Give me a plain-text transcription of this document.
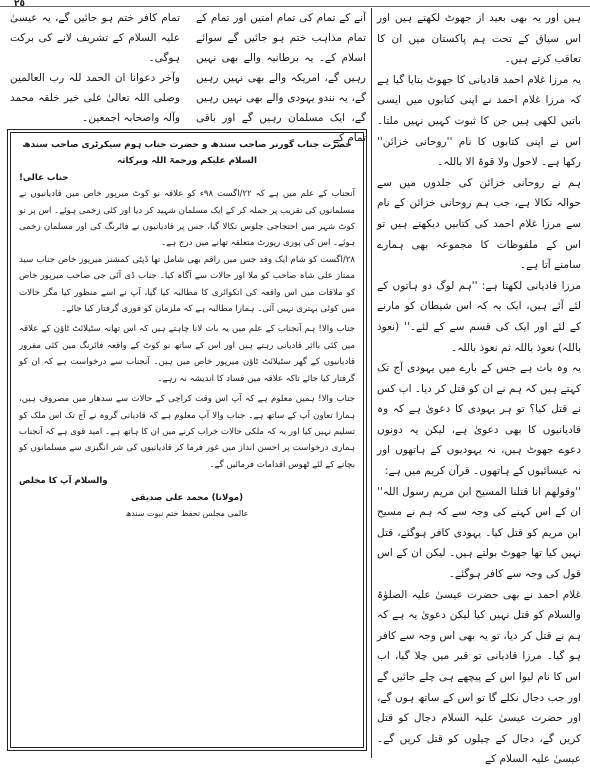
٢٥

ہیں اور یہ بھی بعید از جھوٹ لکھتے ہیں اور اس سیاق کے تحت ہم پاکستان میں ان کا تعاقب کرتے ہیں۔

یہ مرزا غلام احمد قادیانی کا جھوٹ بتایا گیا ہے کہ مرزا غلام احمد نے اپنی کتابوں میں ایسی باتیں لکھی ہیں جن کا ثبوت کہیں نہیں ملتا۔ اس نے اپنی کتابوں کا نام ''روحانی خزائن'' رکھا ہے۔ لاحول ولا قوۃ الا باللہ۔

ہم نے روحانی خزائن کی جلدوں میں سے حوالہ نکالا ہے، جب ہم روحانی خزائن کے نام سے مرزا غلام احمد کی کتابیں دیکھتے ہیں تو اس کے ملفوظات کا مجموعہ بھی ہمارے سامنے آتا ہے۔

مرزا قادیانی لکھتا ہے: ''ہم لوگ دو ہاتوں کے لئے آئے ہیں، ایک یہ کہ اس شیطان کو مارنے کے لئے اور ایک کی قسم سے کے لئے۔'' (نعوذ باللہ) نعوذ باللہ ثم نعوذ باللہ۔

یہ وہ بات ہے جس کے بارے میں یہودی آج تک کہتے ہیں کہ ہم نے ان کو قتل کر دیا۔ اب کس نے قتل کیا؟ تو ہر یہودی کا دعویٰ ہے کہ وہ قادیانیوں کا بھی دعویٰ ہے، لیکن یہ دونوں دعوے جھوٹ ہیں، نہ یہودیوں کے ہاتھوں اور نہ عیسائیوں کے ہاتھوں۔ قرآن کریم میں ہے:

''وقولھم انا قتلنا المسیح ابن مریم رسول اللہ'' ان کے اس کہنے کی وجہ سے کہ ہم نے مسیح ابن مریم کو قتل کیا۔ یہودی کافر ہوگئے، قتل نہیں کیا تھا جھوٹ بولتے ہیں۔ لیکن ان کے اس قول کی وجہ سے کافر ہوگئے۔

غلام احمد نے بھی حضرت عیسیٰ علیہ الصلوٰۃ والسلام کو قتل نہیں کیا لیکن دعویٰ یہ ہے کہ ہم نے قتل کر دیا، تو یہ بھی اس وجہ سے کافر ہو گیا۔ مرزا قادیانی تو قبر میں چلا گیا، اب اس کا نام لیوا اس کے پیچھے ہی چلے جائیں گے اور جب دجال نکلے گا تو اس کے ساتھ ہوں گے، اور حضرت عیسیٰ علیہ السلام دجال کو قتل کریں گے، دجال کے چیلوں کو قتل کریں گے۔ عیسیٰ علیہ السلام کے

آنے کے تمام کی تمام امتیں اور تمام کے تمام مذاہب ختم ہو جائیں گے سوائے اسلام کے۔ یہ برطانیہ والے بھی نہیں رہیں گے، امریکہ والے بھی نہیں رہیں گے، یہ نندو یہودی والے بھی نہیں رہیں گے، ایک مسلمان رہیں گے اور باقی تمام کے

تمام کافر ختم ہو جائیں گے، یہ عیسیٰ علیہ السلام کے تشریف لانے کی برکت ہوگی۔

وآخر دعوانا ان الحمد للہ رب العالمین وصلی اللہ تعالیٰ علی خیر خلقہ محمد وآلہ واصحابہ اجمعین۔

حضرت جناب گورنر صاحب سندھ و حضرت جناب ہوم سیکرٹری صاحب سندھ
السلام علیکم ورحمۃ اللہ وبرکاتہ
جناب عالی!

آنجناب کے علم میں ہے کہ ۲۲/اگست ۹۸ء کو علاقہ نو کوٹ میرپور خاص میں قادیانیوں نے مسلمانوں کی تقریب پر حملہ کر کے ایک مسلمان شہید کر دیا اور کئی زخمی ہوئے۔ اس پر نو کوٹ شہر میں احتجاجی جلوس نکالا گیا، جس پر قادیانیوں نے فائرنگ کی اور مسلمان زخمی ہوئے۔ اس کی پوری رپورٹ متعلقہ تھانے میں درج ہے۔

۲۸/اگست کو شام ایک وفد جس میں راقم بھی شامل تھا ڈپٹی کمشنر میرپور خاص جناب سید ممتاز علی شاہ صاحب کو ملا اور حالات سے آگاہ کیا۔ جناب ڈی آئی جی صاحب میرپور خاص کو ملاقات میں اس واقعہ کی انکوائری کا مطالبہ کیا گیا، آپ نے اسے منظور کیا مگر حالات میں کوئی بہتری نہیں آئی۔ ہمارا مطالبہ ہے کہ ملزمان کو فوری گرفتار کیا جائے۔

جناب والا! ہم آنجناب کے علم میں یہ بات لانا چاہتے ہیں کہ اس تھانہ سٹیلائٹ ٹاؤن کے علاقہ میں کئی بااثر قادیانی رہتے ہیں اور اس کے ساتھ نو کوٹ کے واقعہ فائرنگ میں کئی مفرور قادیانیوں کے گھر سٹیلائٹ ٹاؤن میرپور خاص میں ہیں۔ آنجناب سے درخواست ہے کہ ان کو گرفتار کیا جائے تاکہ علاقہ میں فساد کا اندیشہ نہ رہے۔

جناب والا! ہمیں معلوم ہے کہ آپ اس وقت کراچی کے حالات سے سدھار میں مصروف ہیں، ہمارا تعاون آپ کے ساتھ ہے۔ جناب والا آپ معلوم ہے کہ قادیانی گروہ نے آج تک اس ملک کو تسلیم نہیں کیا اور یہ کہ ملکی حالات خراب کرنے میں ان کا ہاتھ ہے۔ امید قوی ہے کہ آنجناب ہماری درخواست پر احسن انداز میں غور فرما کر قادیانیوں کی شر انگیزی سے مسلمانوں کو بچانے کے لئے ٹھوس اقدامات فرمائیں گے۔

والسلام آپ کا مخلص
(مولانا) محمد علی صدیقی
عالمی مجلس تحفظ ختم نبوت سندھ
